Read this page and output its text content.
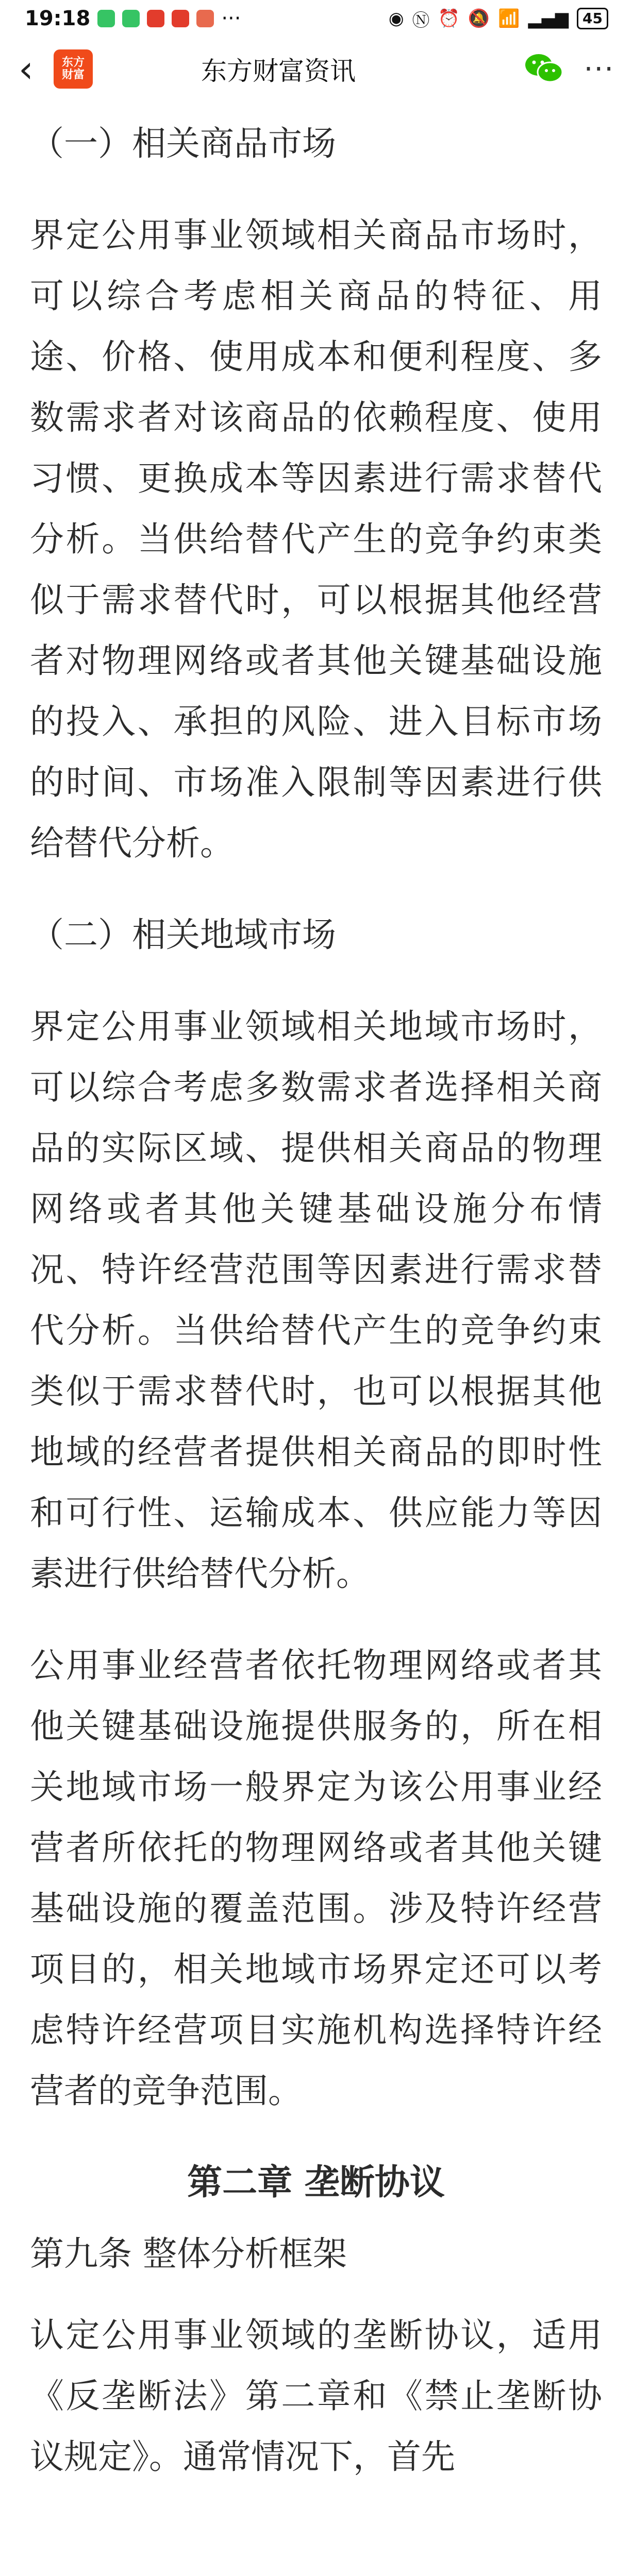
19:18	···	◉ Ⓝ ⏰ 🔕 📶 ▂▄▆ 45
‹	东方
财富	东方财富资讯	···

（一）相关商品市场

界定公用事业领域相关商品市场时，可以综合考虑相关商品的特征、用途、价格、使用成本和便利程度、多数需求者对该商品的依赖程度、使用习惯、更换成本等因素进行需求替代分析。当供给替代产生的竞争约束类似于需求替代时，可以根据其他经营者对物理网络或者其他关键基础设施的投入、承担的风险、进入目标市场的时间、市场准入限制等因素进行供给替代分析。

（二）相关地域市场

界定公用事业领域相关地域市场时，可以综合考虑多数需求者选择相关商品的实际区域、提供相关商品的物理网络或者其他关键基础设施分布情况、特许经营范围等因素进行需求替代分析。当供给替代产生的竞争约束类似于需求替代时，也可以根据其他地域的经营者提供相关商品的即时性和可行性、运输成本、供应能力等因素进行供给替代分析。

公用事业经营者依托物理网络或者其他关键基础设施提供服务的，所在相关地域市场一般界定为该公用事业经营者所依托的物理网络或者其他关键基础设施的覆盖范围。涉及特许经营项目的，相关地域市场界定还可以考虑特许经营项目实施机构选择特许经营者的竞争范围。

第二章 垄断协议

第九条 整体分析框架

认定公用事业领域的垄断协议，适用《反垄断法》第二章和《禁止垄断协议规定》。通常情况下，首先
